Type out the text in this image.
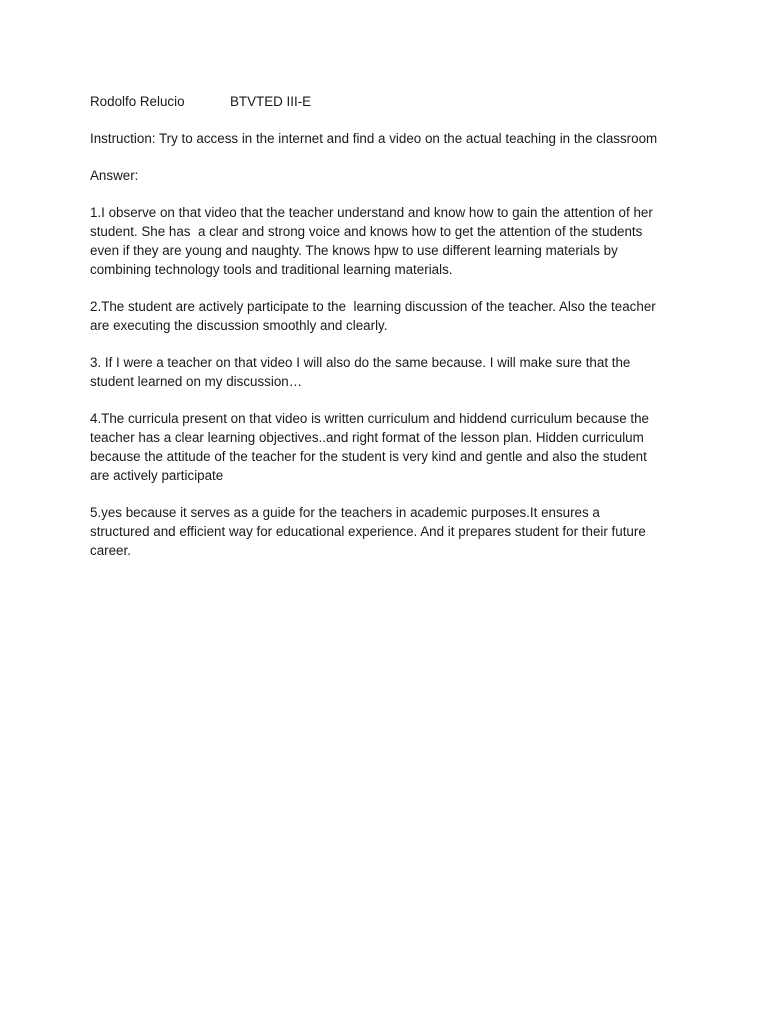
Rodolfo Relucio	BTVTED III-E
Instruction: Try to access in the internet and find a video on the actual teaching in the classroom
Answer:
1.I observe on that video that the teacher understand and know how to gain the attention of her
student. She has  a clear and strong voice and knows how to get the attention of the students
even if they are young and naughty. The knows hpw to use different learning materials by
combining technology tools and traditional learning materials.
2.The student are actively participate to the  learning discussion of the teacher. Also the teacher
are executing the discussion smoothly and clearly.
3. If I were a teacher on that video I will also do the same because. I will make sure that the
student learned on my discussion…
4.The curricula present on that video is written curriculum and hiddend curriculum because the
teacher has a clear learning objectives..and right format of the lesson plan. Hidden curriculum
because the attitude of the teacher for the student is very kind and gentle and also the student
are actively participate
5.yes because it serves as a guide for the teachers in academic purposes.It ensures a
structured and efficient way for educational experience. And it prepares student for their future
career.
